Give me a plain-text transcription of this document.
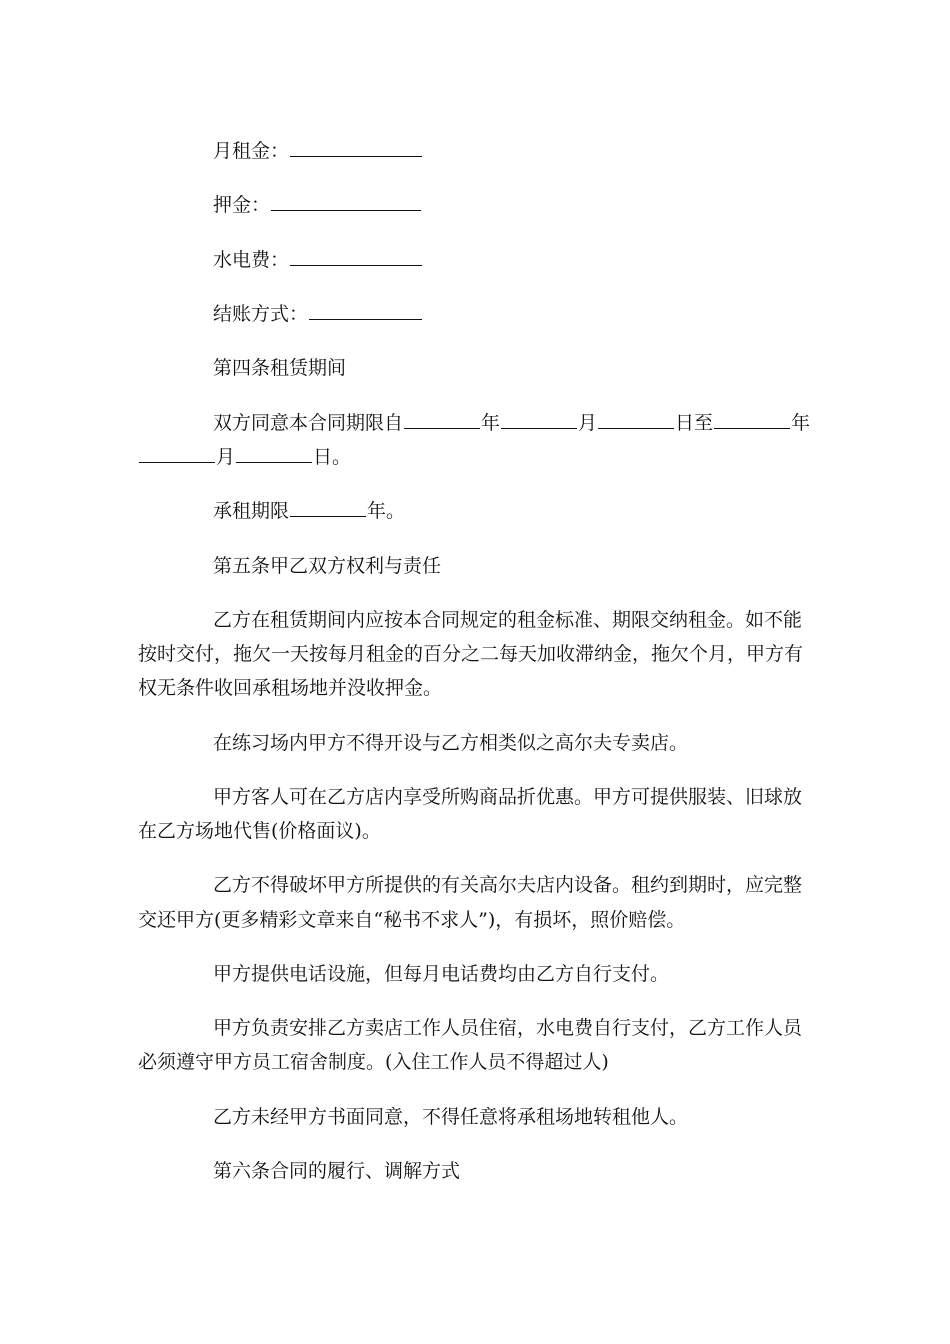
月租金：
押金：
水电费：
结账方式：
第四条租赁期间
双方同意本合同期限自	年	月	日至	年
月	日。
承租期限	年。
第五条甲乙双方权利与责任
乙方在租赁期间内应按本合同规定的租金标准、期限交纳租金。如不能
按时交付，拖欠一天按每月租金的百分之二每天加收滞纳金，拖欠个月，甲方有
权无条件收回承租场地并没收押金。
在练习场内甲方不得开设与乙方相类似之高尔夫专卖店。
甲方客人可在乙方店内享受所购商品折优惠。甲方可提供服装、旧球放
在乙方场地代售(价格面议)。
乙方不得破坏甲方所提供的有关高尔夫店内设备。租约到期时，应完整
交还甲方(更多精彩文章来自“秘书不求人”)，有损坏，照价赔偿。
甲方提供电话设施，但每月电话费均由乙方自行支付。
甲方负责安排乙方卖店工作人员住宿，水电费自行支付，乙方工作人员
必须遵守甲方员工宿舍制度。(入住工作人员不得超过人)
乙方未经甲方书面同意，不得任意将承租场地转租他人。
第六条合同的履行、调解方式
